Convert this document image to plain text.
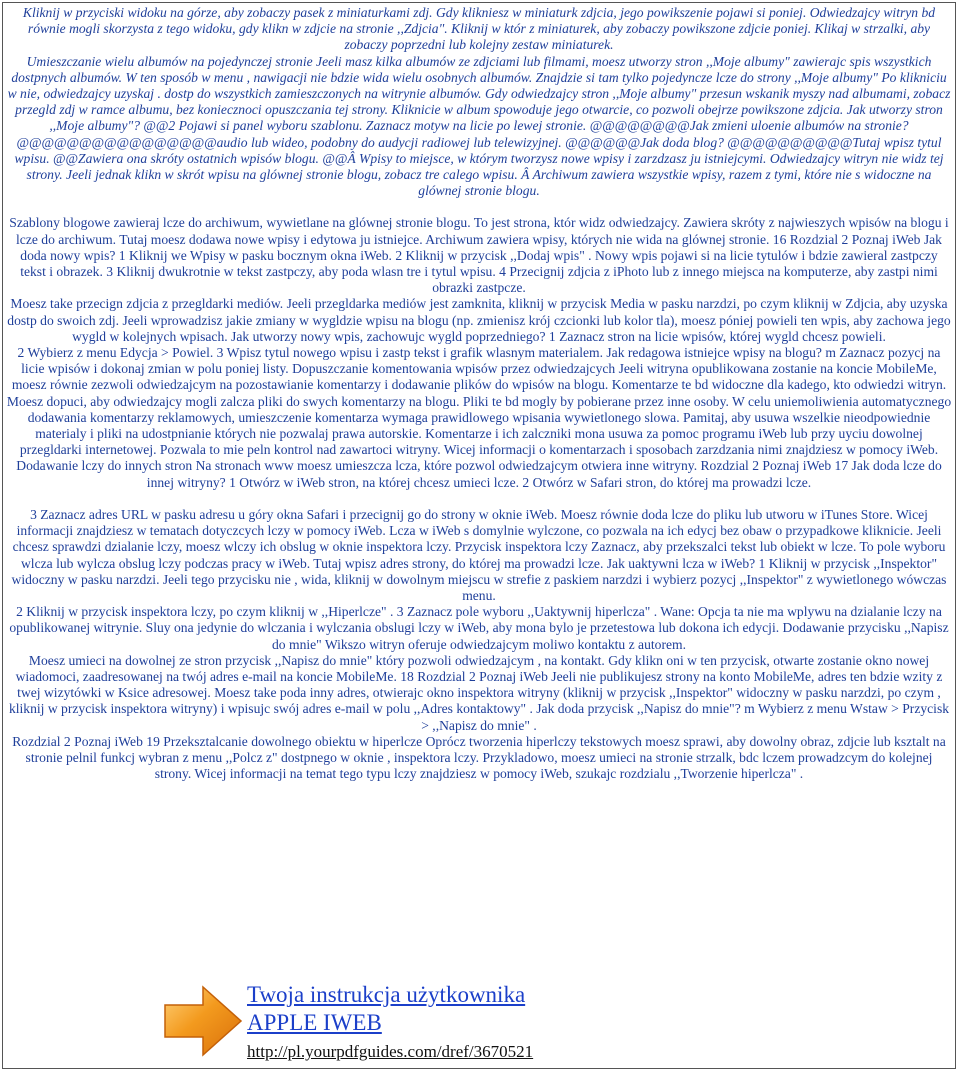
Kliknij w przyciski widoku na górze, aby zobaczy pasek z miniaturkami zdj. Gdy klikniesz w miniaturk zdjcia, jego powikszenie pojawi si poniej. Odwiedzajcy witryn bd równie mogli skorzysta z tego widoku, gdy klikn w zdjcie na stronie ,,Zdjcia". Kliknij w któr z miniaturek, aby zobaczy powikszone zdjcie poniej. Klikaj w strzalki, aby zobaczy poprzedni lub kolejny zestaw miniaturek.

Umieszczanie wielu albumów na pojedynczej stronie Jeeli masz kilka albumów ze zdjciami lub filmami, moesz utworzy stron ,,Moje albumy" zawierajc spis wszystkich dostpnych albumów. W ten sposób w menu , nawigacji nie bdzie wida wielu osobnych albumów. Znajdzie si tam tylko pojedyncze lcze do strony ,,Moje albumy" Po klikniciu w nie, odwiedzajcy uzyskaj . dostp do wszystkich zamieszczonych na witrynie albumów. Gdy odwiedzajcy stron ,,Moje albumy" przesun wskanik myszy nad albumami, zobacz przegld zdj w ramce albumu, bez koniecznoci opuszczania tej strony. Kliknicie w album spowoduje jego otwarcie, co pozwoli obejrze powikszone zdjcia. Jak utworzy stron ,,Moje albumy"? @@2 Pojawi si panel wyboru szablonu. Zaznacz motyw na licie po lewej stronie. @@@@@@@@Jak zmieni uloenie albumów na stronie? @@@@@@@@@@@@@@@@audio lub wideo, podobny do audycji radiowej lub telewizyjnej. @@@@@@Jak doda blog? @@@@@@@@@@Tutaj wpisz tytul wpisu. @@Zawiera ona skróty ostatnich wpisów blogu. @@Â Wpisy to miejsce, w którym tworzysz nowe wpisy i zarzdzasz ju istniejcymi. Odwiedzajcy witryn nie widz tej strony. Jeeli jednak klikn w skrót wpisu na glównej stronie blogu, zobacz tre calego wpisu. Â Archiwum zawiera wszystkie wpisy, razem z tymi, które nie s widoczne na glównej stronie blogu.

Szablony blogowe zawieraj lcze do archiwum, wywietlane na glównej stronie blogu. To jest strona, któr widz odwiedzajcy. Zawiera skróty z najwieszych wpisów na blogu i lcze do archiwum. Tutaj moesz dodawa nowe wpisy i edytowa ju istniejce. Archiwum zawiera wpisy, których nie wida na glównej stronie. 16 Rozdzial 2 Poznaj iWeb Jak doda nowy wpis? 1 Kliknij we Wpisy w pasku bocznym okna iWeb. 2 Kliknij w przycisk ,,Dodaj wpis" . Nowy wpis pojawi si na licie tytulów i bdzie zawieral zastpczy tekst i obrazek. 3 Kliknij dwukrotnie w tekst zastpczy, aby poda wlasn tre i tytul wpisu. 4 Przecignij zdjcia z iPhoto lub z innego miejsca na komputerze, aby zastpi nimi obrazki zastpcze.

Moesz take przecign zdjcia z przegldarki mediów. Jeeli przegldarka mediów jest zamknita, kliknij w przycisk Media w pasku narzdzi, po czym kliknij w Zdjcia, aby uzyska dostp do swoich zdj. Jeeli wprowadzisz jakie zmiany w wygldzie wpisu na blogu (np. zmienisz krój czcionki lub kolor tla), moesz póniej powieli ten wpis, aby zachowa jego wygld w kolejnych wpisach. Jak utworzy nowy wpis, zachowujc wygld poprzedniego? 1 Zaznacz stron na licie wpisów, której wygld chcesz powieli.

2 Wybierz z menu Edycja > Powiel. 3 Wpisz tytul nowego wpisu i zastp tekst i grafik wlasnym materialem. Jak redagowa istniejce wpisy na blogu? m Zaznacz pozycj na licie wpisów i dokonaj zmian w polu poniej listy. Dopuszczanie komentowania wpisów przez odwiedzajcych Jeeli witryna opublikowana zostanie na koncie MobileMe, moesz równie zezwoli odwiedzajcym na pozostawianie komentarzy i dodawanie plików do wpisów na blogu. Komentarze te bd widoczne dla kadego, kto odwiedzi witryn.

Moesz dopuci, aby odwiedzajcy mogli zalcza pliki do swych komentarzy na blogu. Pliki te bd mogly by pobierane przez inne osoby. W celu uniemoliwienia automatycznego dodawania komentarzy reklamowych, umieszczenie komentarza wymaga prawidlowego wpisania wywietlonego slowa. Pamitaj, aby usuwa wszelkie nieodpowiednie materialy i pliki na udostpnianie których nie pozwalaj prawa autorskie. Komentarze i ich zalczniki mona usuwa za pomoc programu iWeb lub przy uyciu dowolnej przegldarki internetowej. Pozwala to mie peln kontrol nad zawartoci witryny. Wicej informacji o komentarzach i sposobach zarzdzania nimi znajdziesz w pomocy iWeb. Dodawanie lczy do innych stron Na stronach www moesz umieszcza lcza, które pozwol odwiedzajcym otwiera inne witryny. Rozdzial 2 Poznaj iWeb 17 Jak doda lcze do innej witryny? 1 Otwórz w iWeb stron, na której chcesz umieci lcze. 2 Otwórz w Safari stron, do której ma prowadzi lcze.

3 Zaznacz adres URL w pasku adresu u góry okna Safari i przecignij go do strony w oknie iWeb. Moesz równie doda lcze do pliku lub utworu w iTunes Store. Wicej informacji znajdziesz w tematach dotyczcych lczy w pomocy iWeb. Lcza w iWeb s domylnie wylczone, co pozwala na ich edycj bez obaw o przypadkowe kliknicie. Jeeli chcesz sprawdzi dzialanie lczy, moesz wlczy ich obslug w oknie inspektora lczy. Przycisk inspektora lczy Zaznacz, aby przekszalci tekst lub obiekt w lcze. To pole wyboru wlcza lub wylcza obslug lczy podczas pracy w iWeb. Tutaj wpisz adres strony, do której ma prowadzi lcze. Jak uaktywni lcza w iWeb? 1 Kliknij w przycisk ,,Inspektor" widoczny w pasku narzdzi. Jeeli tego przycisku nie , wida, kliknij w dowolnym miejscu w strefie z paskiem narzdzi i wybierz pozycj ,,Inspektor" z wywietlonego wówczas menu.

2 Kliknij w przycisk inspektora lczy, po czym kliknij w ,,Hiperlcze" . 3 Zaznacz pole wyboru ,,Uaktywnij hiperlcza" . Wane: Opcja ta nie ma wplywu na dzialanie lczy na opublikowanej witrynie. Sluy ona jedynie do wlczania i wylczania obslugi lczy w iWeb, aby mona bylo je przetestowa lub dokona ich edycji. Dodawanie przycisku ,,Napisz do mnie" Wikszo witryn oferuje odwiedzajcym moliwo kontaktu z autorem.

Moesz umieci na dowolnej ze stron przycisk ,,Napisz do mnie" który pozwoli odwiedzajcym , na kontakt. Gdy klikn oni w ten przycisk, otwarte zostanie okno nowej wiadomoci, zaadresowanej na twój adres e-mail na koncie MobileMe. 18 Rozdzial 2 Poznaj iWeb Jeeli nie publikujesz strony na konto MobileMe, adres ten bdzie wzity z twej wizytówki w Ksice adresowej. Moesz take poda inny adres, otwierajc okno inspektora witryny (kliknij w przycisk ,,Inspektor" widoczny w pasku narzdzi, po czym , kliknij w przycisk inspektora witryny) i wpisujc swój adres e-mail w polu ,,Adres kontaktowy" . Jak doda przycisk ,,Napisz do mnie"? m Wybierz z menu Wstaw > Przycisk > ,,Napisz do mnie" .

Rozdzial 2 Poznaj iWeb 19 Przeksztalcanie dowolnego obiektu w hiperlcze Oprócz tworzenia hiperlczy tekstowych moesz sprawi, aby dowolny obraz, zdjcie lub ksztalt na stronie pelnil funkcj wybran z menu ,,Polcz z" dostpnego w oknie , inspektora lczy. Przykladowo, moesz umieci na stronie strzalk, bdc lczem prowadzcym do kolejnej strony. Wicej informacji na temat tego typu lczy znajdziesz w pomocy iWeb, szukajc rozdzialu ,,Tworzenie hiperlcza" .

Twoja instrukcja użytkownika
APPLE IWEB
http://pl.yourpdfguides.com/dref/3670521
